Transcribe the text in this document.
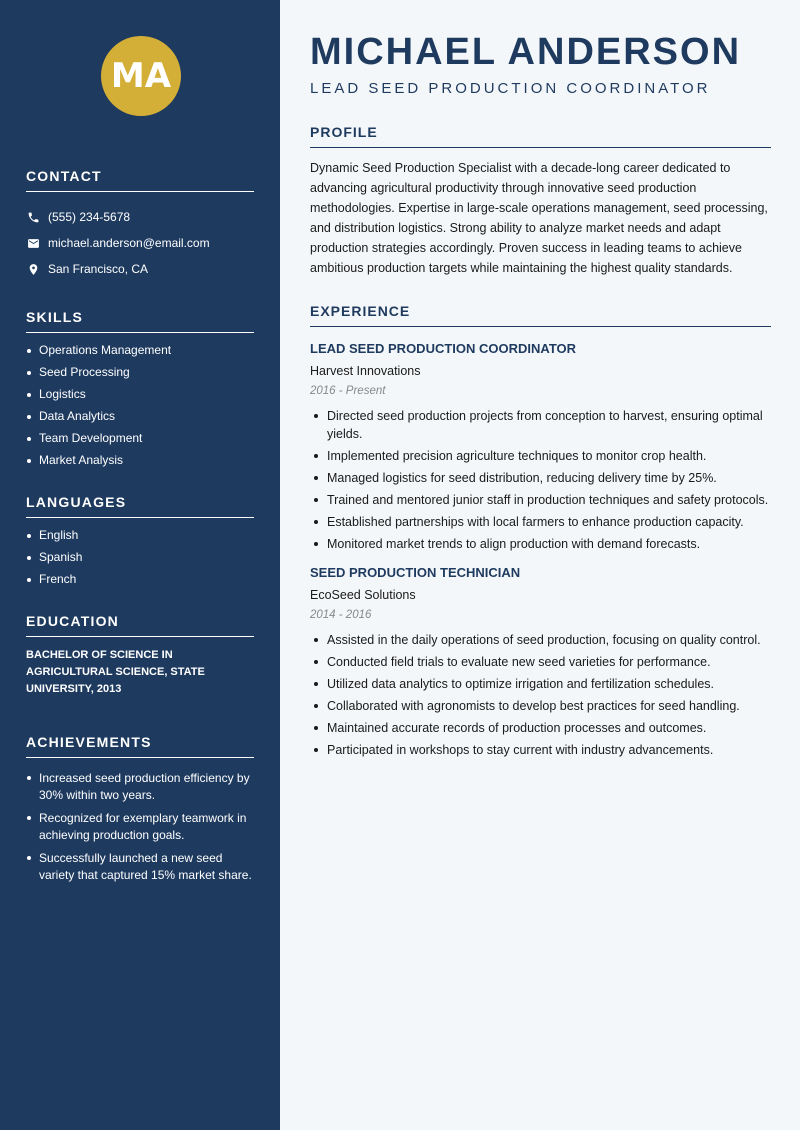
MA
CONTACT
(555) 234-5678
michael.anderson@email.com
San Francisco, CA
SKILLS
Operations Management
Seed Processing
Logistics
Data Analytics
Team Development
Market Analysis
LANGUAGES
English
Spanish
French
EDUCATION

BACHELOR OF SCIENCE IN AGRICULTURAL SCIENCE, STATE UNIVERSITY, 2013

ACHIEVEMENTS
Increased seed production efficiency by 30% within two years.
Recognized for exemplary teamwork in achieving production goals.
Successfully launched a new seed variety that captured 15% market share.
MICHAEL ANDERSON
LEAD SEED PRODUCTION COORDINATOR
PROFILE

Dynamic Seed Production Specialist with a decade-long career dedicated to advancing agricultural productivity through innovative seed production methodologies. Expertise in large-scale operations management, seed processing, and distribution logistics. Strong ability to analyze market needs and adapt production strategies accordingly. Proven success in leading teams to achieve ambitious production targets while maintaining the highest quality standards.

EXPERIENCE
LEAD SEED PRODUCTION COORDINATOR
Harvest Innovations
2016 - Present
Directed seed production projects from conception to harvest, ensuring optimal yields.
Implemented precision agriculture techniques to monitor crop health.
Managed logistics for seed distribution, reducing delivery time by 25%.
Trained and mentored junior staff in production techniques and safety protocols.
Established partnerships with local farmers to enhance production capacity.
Monitored market trends to align production with demand forecasts.
SEED PRODUCTION TECHNICIAN
EcoSeed Solutions
2014 - 2016
Assisted in the daily operations of seed production, focusing on quality control.
Conducted field trials to evaluate new seed varieties for performance.
Utilized data analytics to optimize irrigation and fertilization schedules.
Collaborated with agronomists to develop best practices for seed handling.
Maintained accurate records of production processes and outcomes.
Participated in workshops to stay current with industry advancements.
